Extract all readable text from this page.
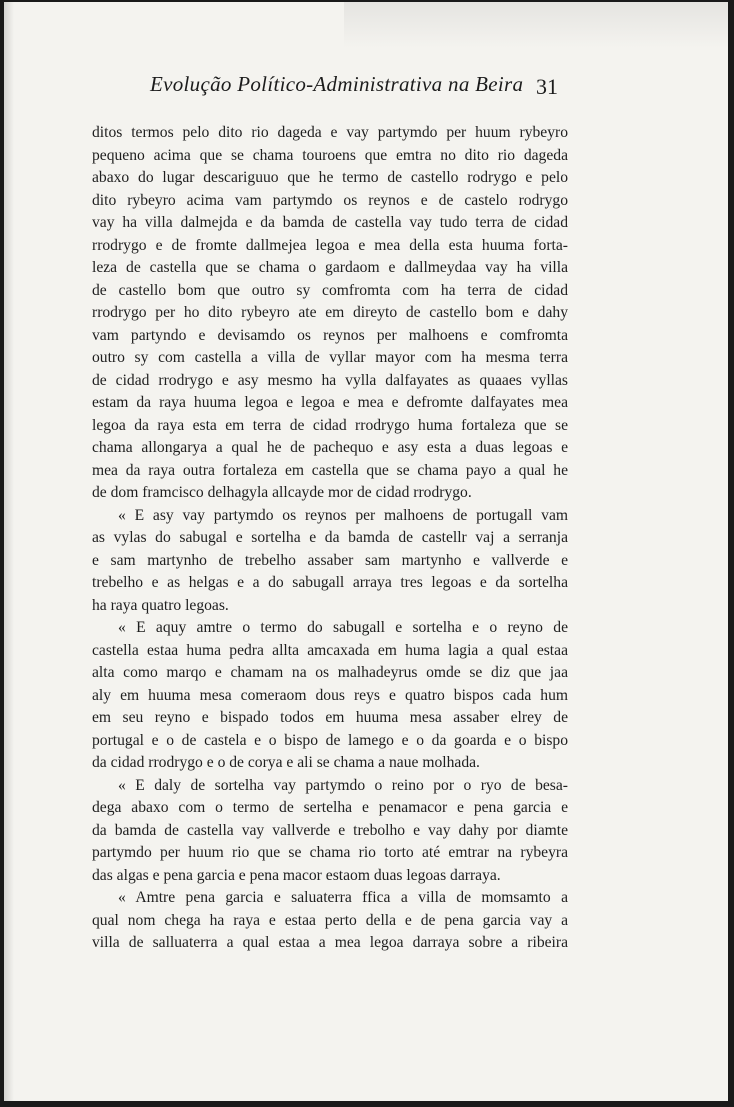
Evolução Político-Administrativa na Beira 31
ditos termos pelo dito rio dageda e vay partymdo per huum rybeyro
pequeno acima que se chama touroens que emtra no dito rio dageda
abaxo do lugar descariguuo que he termo de castello rodrygo e pelo
dito rybeyro acima vam partymdo os reynos e de castelo rodrygo
vay ha villa dalmejda e da bamda de castella vay tudo terra de cidad
rrodrygo e de fromte dallmejea legoa e mea della esta huuma forta-
leza de castella que se chama o gardaom e dallmeydaa vay ha villa
de castello bom que outro sy comfromta com ha terra de cidad
rrodrygo per ho dito rybeyro ate em direyto de castello bom e dahy
vam partyndo e devisamdo os reynos per malhoens e comfromta
outro sy com castella a villa de vyllar mayor com ha mesma terra
de cidad rrodrygo e asy mesmo ha vylla dalfayates as quaaes vyllas
estam da raya huuma legoa e legoa e mea e defromte dalfayates mea
legoa da raya esta em terra de cidad rrodrygo huma fortaleza que se
chama allongarya a qual he de pachequo e asy esta a duas legoas e
mea da raya outra fortaleza em castella que se chama payo a qual he
de dom framcisco delhagyla allcayde mor de cidad rrodrygo.
« E asy vay partymdo os reynos per malhoens de portugall vam
as vylas do sabugal e sortelha e da bamda de castellr vaj a serranja
e sam martynho de trebelho assaber sam martynho e vallverde e
trebelho e as helgas e a do sabugall arraya tres legoas e da sortelha
ha raya quatro legoas.
« E aquy amtre o termo do sabugall e sortelha e o reyno de
castella estaa huma pedra allta amcaxada em huma lagia a qual estaa
alta como marqo e chamam na os malhadeyrus omde se diz que jaa
aly em huuma mesa comeraom dous reys e quatro bispos cada hum
em seu reyno e bispado todos em huuma mesa assaber elrey de
portugal e o de castela e o bispo de lamego e o da goarda e o bispo
da cidad rrodrygo e o de corya e ali se chama a naue molhada.
« E daly de sortelha vay partymdo o reino por o ryo de besa-
dega abaxo com o termo de sertelha e penamacor e pena garcia e
da bamda de castella vay vallverde e trebolho e vay dahy por diamte
partymdo per huum rio que se chama rio torto até emtrar na rybeyra
das algas e pena garcia e pena macor estaom duas legoas darraya.
« Amtre pena garcia e saluaterra ffica a villa de momsamto a
qual nom chega ha raya e estaa perto della e de pena garcia vay a
villa de salluaterra a qual estaa a mea legoa darraya sobre a ribeira
